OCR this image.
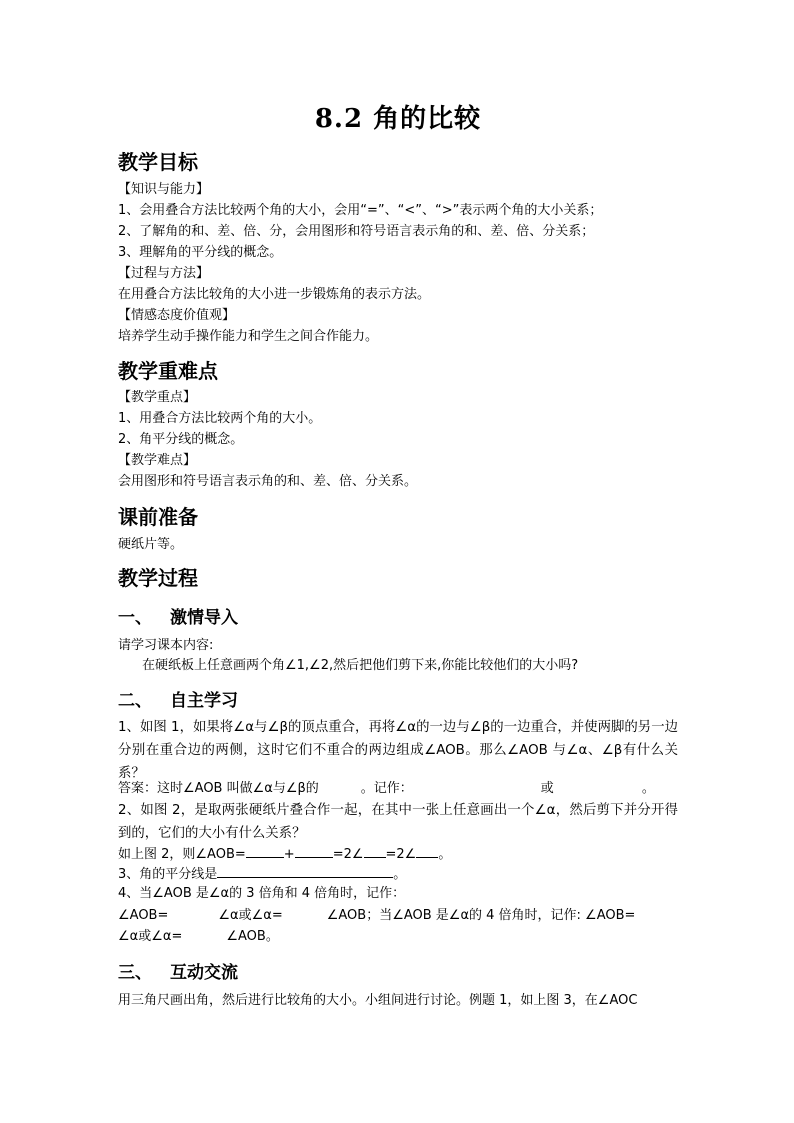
8.2 角的比较
教学目标
【知识与能力】
1、会用叠合方法比较两个角的大小，会用“=”、“<”、“>”表示两个角的大小关系；
2、了解角的和、差、倍、分，会用图形和符号语言表示角的和、差、倍、分关系；
3、理解角的平分线的概念。
【过程与方法】
在用叠合方法比较角的大小进一步锻炼角的表示方法。
【情感态度价值观】
培养学生动手操作能力和学生之间合作能力。
教学重难点
【教学重点】
1、用叠合方法比较两个角的大小。
2、角平分线的概念。
【教学难点】
会用图形和符号语言表示角的和、差、倍、分关系。
课前准备
硬纸片等。
教学过程
一、 激情导入
请学习课本内容:
在硬纸板上任意画两个角∠1,∠2,然后把他们剪下来,你能比较他们的大小吗?
二、 自主学习
1、如图 1，如果将∠α与∠β的顶点重合，再将∠α的一边与∠β的一边重合，并使两脚的另一边分别在重合边的两侧，这时它们不重合的两边组成∠AOB。那么∠AOB 与∠α、∠β有什么关系？
答案：这时∠AOB 叫做∠α与∠β的	。记作：	或	。
2、如图 2，是取两张硬纸片叠合作一起，在其中一张上任意画出一个∠α，然后剪下并分开得到的，它们的大小有什么关系？
如上图 2，则∠AOB=	+	=2∠ =2∠ 。
3、角的平分线是	。
4、当∠AOB 是∠α的 3 倍角和 4 倍角时，记作：
∠AOB=	∠α或∠α=	∠AOB；当∠AOB 是∠α的 4 倍角时，记作: ∠AOB=
∠α或∠α=	∠AOB。
三、 互动交流
用三角尺画出角，然后进行比较角的大小。小组间进行讨论。例题 1，如上图 3，在∠AOC
